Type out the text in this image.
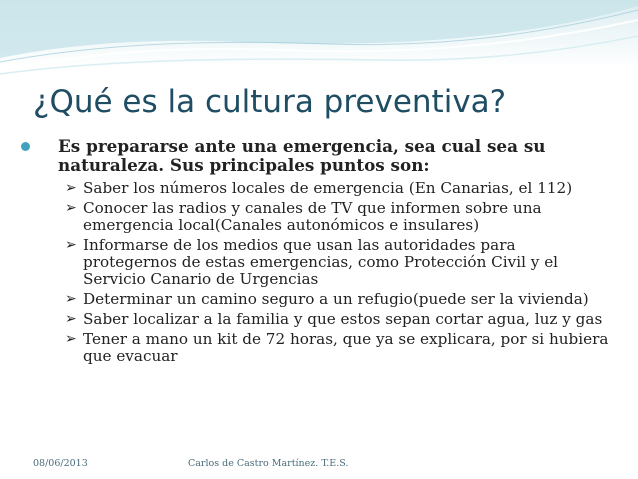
¿Qué es la cultura preventiva?
Es prepararse ante una emergencia, sea cual sea su naturaleza. Sus principales puntos son:
➢ Saber los números locales de emergencia (En Canarias, el 112)
➢ Conocer las radios y canales de TV que informen sobre una emergencia local(Canales autonómicos e insulares)
➢ Informarse de los medios que usan las autoridades para protegernos de estas emergencias, como Protección Civil y el Servicio Canario de Urgencias
➢ Determinar un camino seguro a un refugio(puede ser la vivienda)
➢ Saber localizar a la familia y que estos sepan cortar agua, luz y gas
➢ Tener a mano un kit de 72 horas, que ya se explicara, por si hubiera que evacuar
08/06/2013	Carlos de Castro Martínez. T.E.S.
